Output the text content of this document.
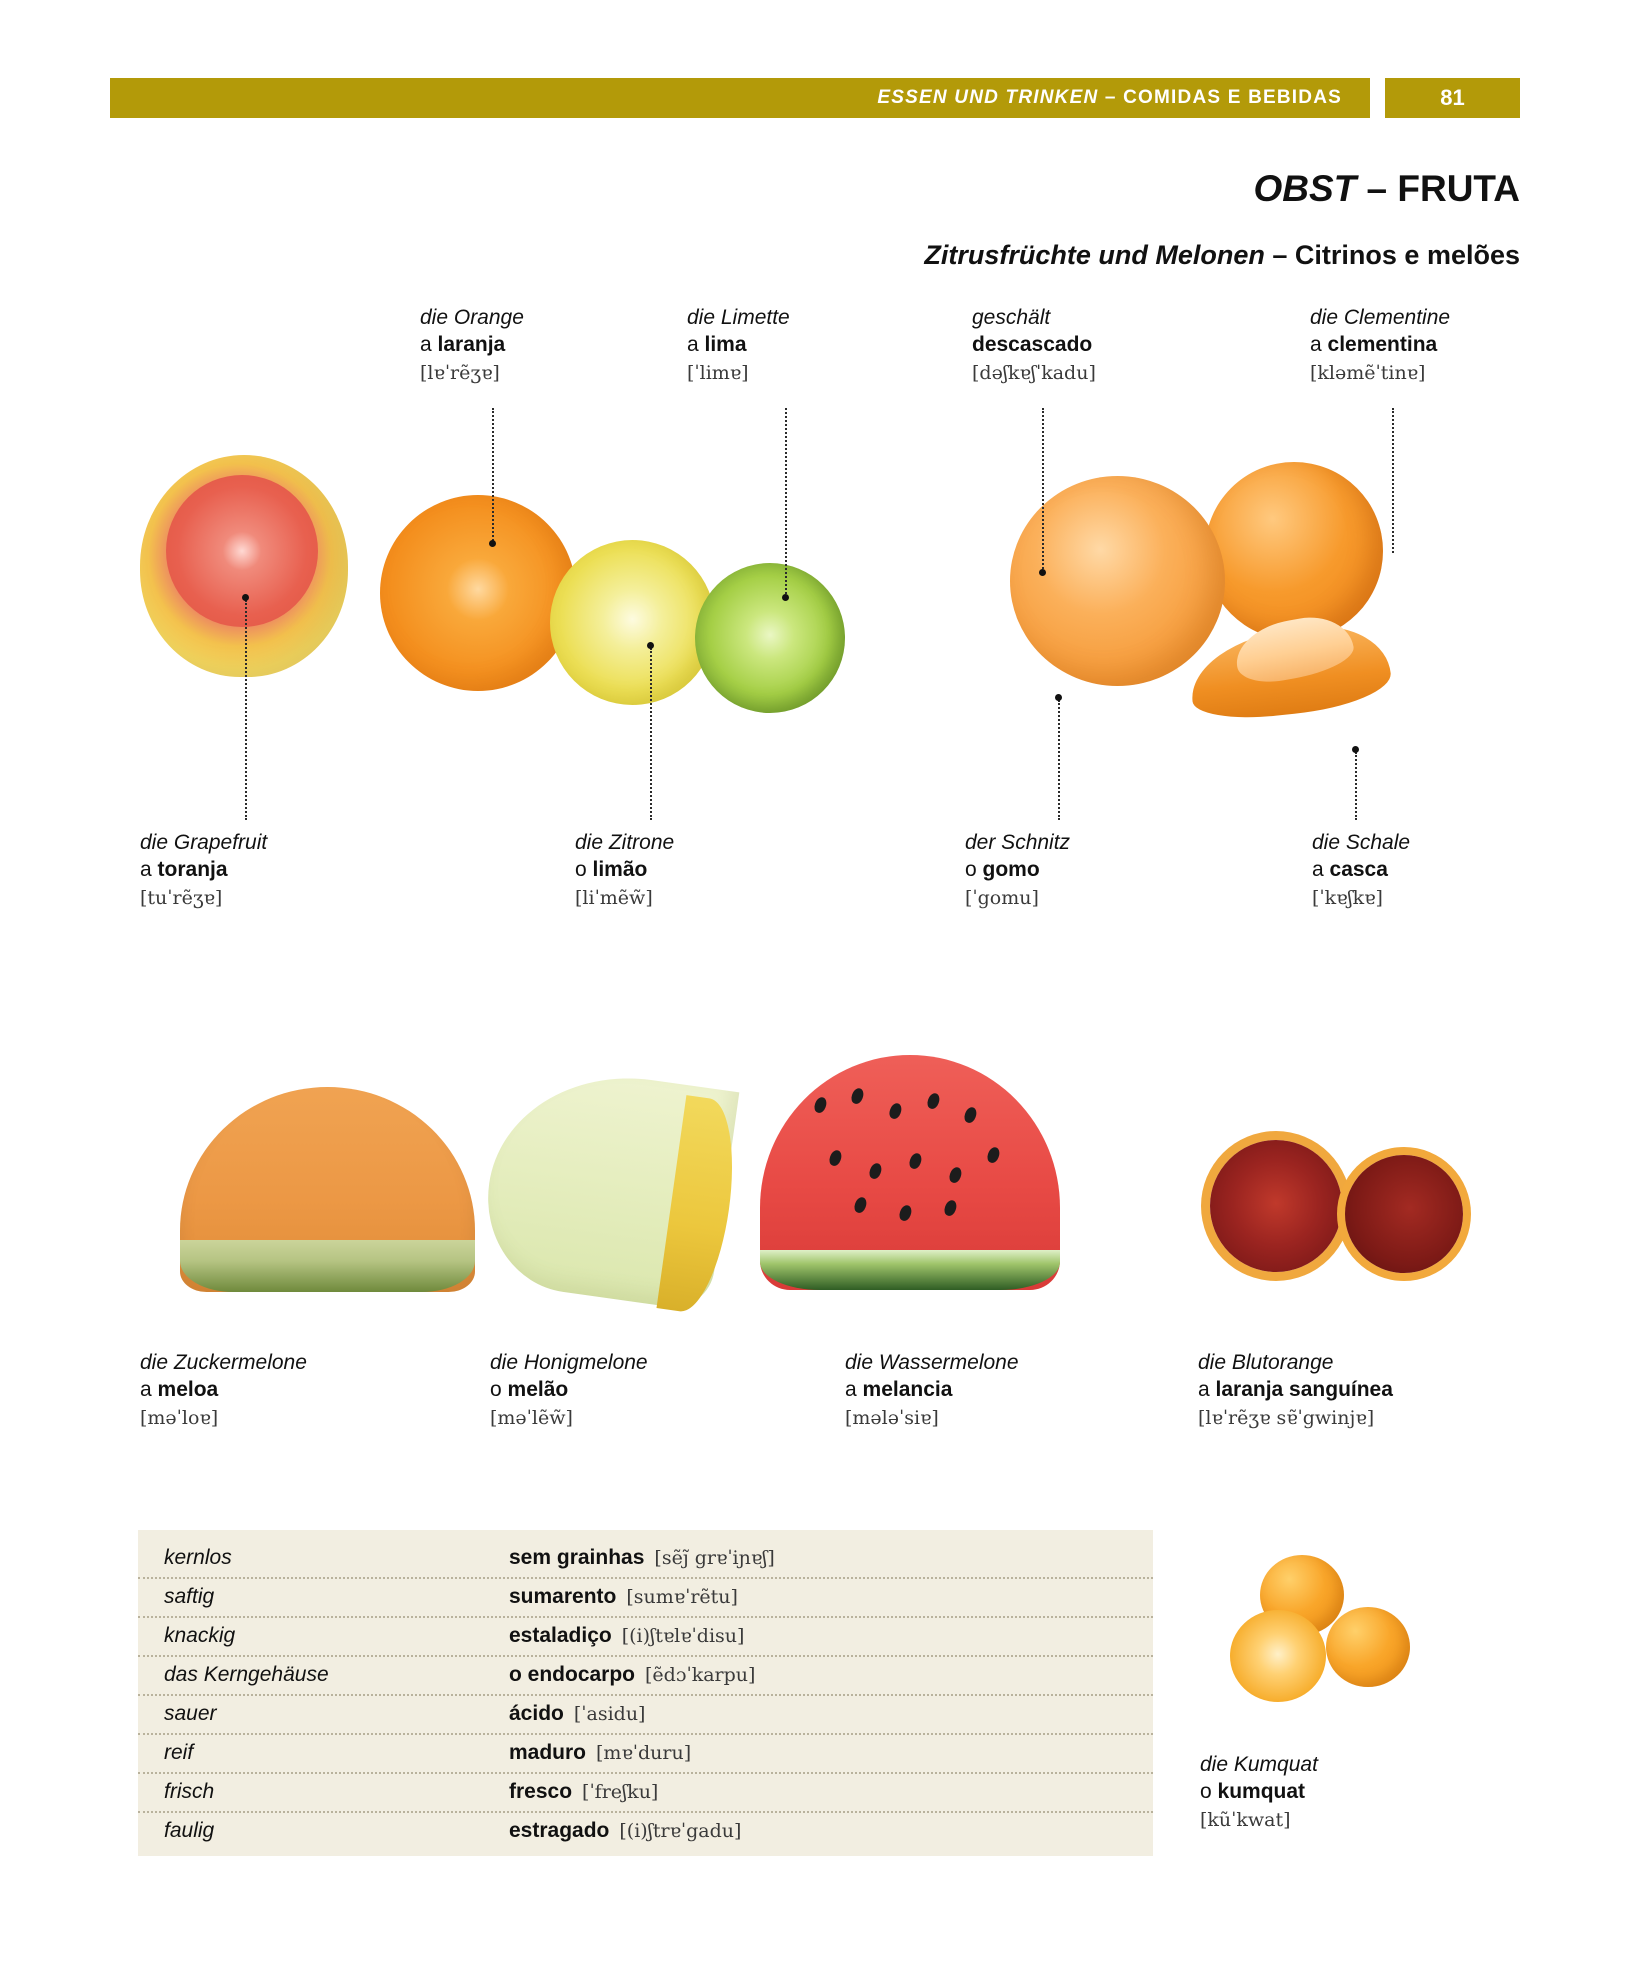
ESSEN UND TRINKEN – COMIDAS E BEBIDAS	81
OBST – FRUTA
Zitrusfrüchte und Melonen – Citrinos e melões
die Orange
a laranja
[lɐˈrẽʒɐ]
die Limette
a lima
[ˈlimɐ]
geschält
descascado
[dəʃkɐʃˈkadu]
die Clementine
a clementina
[kləmẽˈtinɐ]
die Grapefruit
a toranja
[tuˈrẽʒɐ]
die Zitrone
o limão
[liˈmẽw̃]
der Schnitz
o gomo
[ˈgomu]
die Schale
a casca
[ˈkɐʃkɐ]
die Zuckermelone
a meloa
[məˈloɐ]
die Honigmelone
o melão
[məˈlẽw̃]
die Wassermelone
a melancia
[mələˈsiɐ]
die Blutorange
a laranja sanguínea
[lɐˈrẽʒɐ sɐ̃ˈgwinjɐ]
die Kumquat
o kumquat
[kũˈkwat]
kernlos	sem grainhas [sẽj̃ grɐˈiɲɐʃ]
saftig	sumarento [sumɐˈrẽtu]
knackig	estaladiço [(i)ʃtɐlɐˈdisu]
das Kerngehäuse	o endocarpo [ẽdɔˈkarpu]
sauer	ácido [ˈasidu]
reif	maduro [mɐˈduru]
frisch	fresco [ˈfreʃku]
faulig	estragado [(i)ʃtrɐˈgadu]
